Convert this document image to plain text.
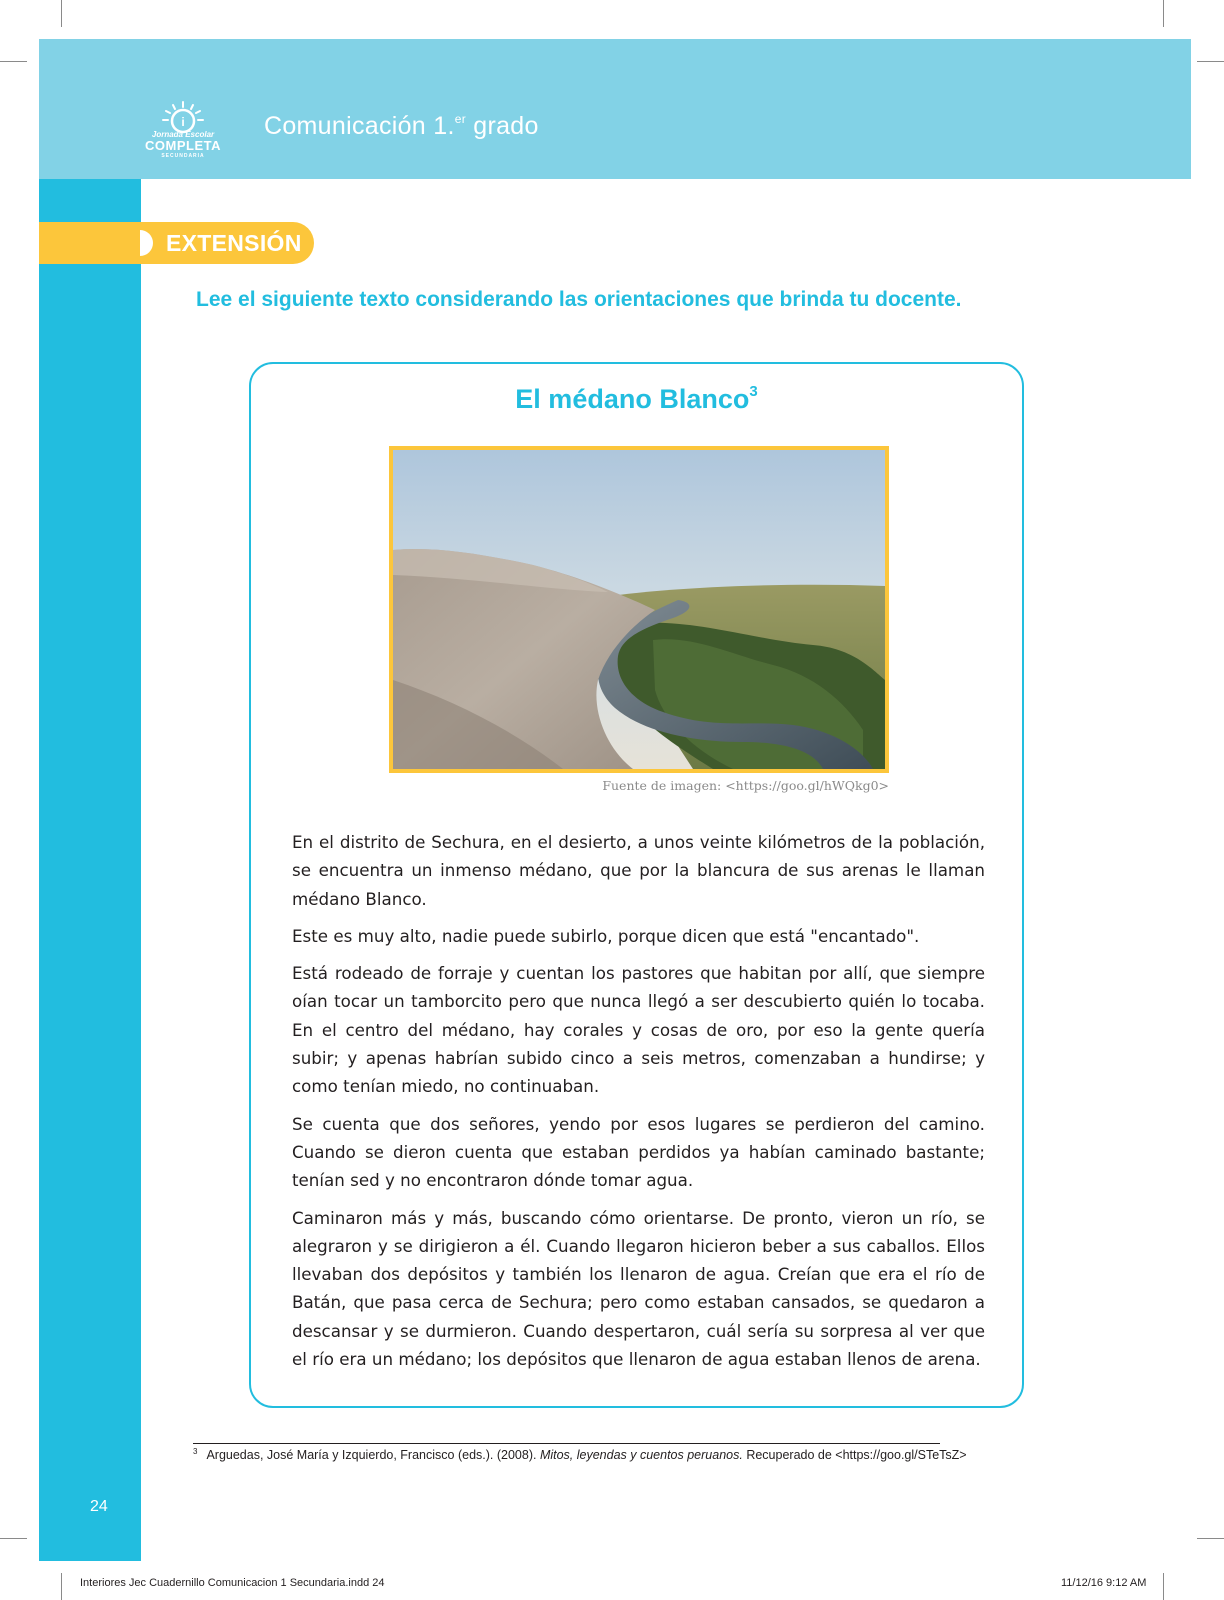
i
Jornada Escolar
COMPLETA
SECUNDARIA
Comunicación 1.$^{er}$ grado
EXTENSIÓN
Lee el siguiente texto considerando las orientaciones que brinda tu docente.
El médano Blanco$^3$
Fuente de imagen: <https://goo.gl/hWQkg0>

En el distrito de Sechura, en el desierto, a unos veinte kilómetros de la población, se encuentra un inmenso médano, que por la blancura de sus arenas le llaman médano Blanco.

Este es muy alto, nadie puede subirlo, porque dicen que está "encantado".

Está rodeado de forraje y cuentan los pastores que habitan por allí, que siempre oían tocar un tamborcito pero que nunca llegó a ser descubierto quién lo tocaba. En el centro del médano, hay corales y cosas de oro, por eso la gente quería subir; y apenas habrían subido cinco a seis metros, comenzaban a hundirse; y como tenían miedo, no continuaban.

Se cuenta que dos señores, yendo por esos lugares se perdieron del camino. Cuando se dieron cuenta que estaban perdidos ya habían caminado bastante; tenían sed y no encontraron dónde tomar agua.

Caminaron más y más, buscando cómo orientarse. De pronto, vieron un río, se alegraron y se dirigieron a él. Cuando llegaron hicieron beber a sus caballos. Ellos llevaban dos depósitos y también los llenaron de agua. Creían que era el río de Batán, que pasa cerca de Sechura; pero como estaban cansados, se quedaron a descansar y se durmieron. Cuando despertaron, cuál sería su sorpresa al ver que el río era un médano; los depósitos que llenaron de agua estaban llenos de arena.

$^3$ Arguedas, José María y Izquierdo, Francisco (eds.). (2008). Mitos, leyendas y cuentos peruanos. Recuperado de <https://goo.gl/STeTsZ>
24
Interiores Jec Cuadernillo Comunicacion 1 Secundaria.indd 24	11/12/16 9:12 AM
